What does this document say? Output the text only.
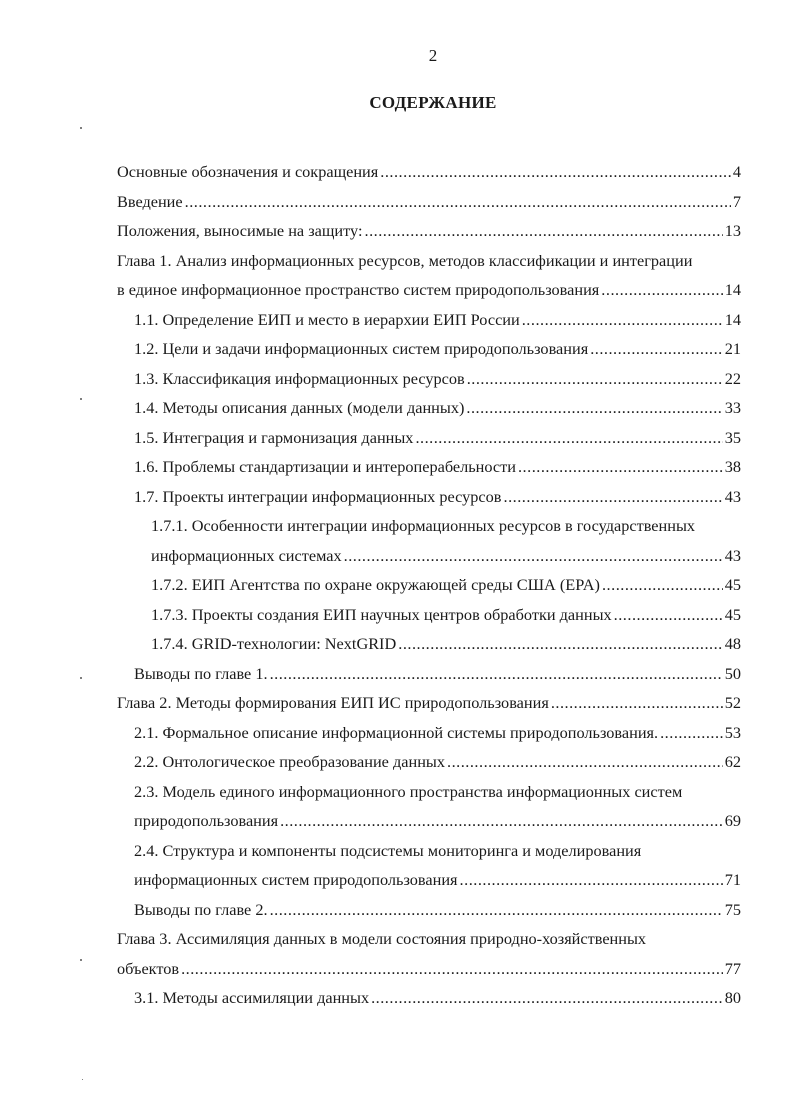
2
СОДЕРЖАНИЕ
Основные обозначения и сокращения .....	4
Введение .....	7
Положения, выносимые на защиту: .....	13
Глава 1. Анализ информационных ресурсов, методов классификации и интеграции
в единое информационное пространство систем природопользования .....	14
1.1. Определение ЕИП и место в иерархии ЕИП России .....	14
1.2. Цели и задачи информационных систем природопользования .....	21
1.3. Классификация информационных ресурсов .....	22
1.4. Методы описания данных (модели данных) .....	33
1.5. Интеграция и гармонизация данных .....	35
1.6. Проблемы стандартизации и интероперабельности .....	38
1.7. Проекты интеграции информационных ресурсов .....	43
1.7.1. Особенности интеграции информационных ресурсов в государственных
информационных системах .....	43
1.7.2. ЕИП Агентства по охране окружающей среды США (EPA) .....	45
1.7.3. Проекты создания ЕИП научных центров обработки данных .....	45
1.7.4. GRID-технологии: NextGRID .....	48
Выводы по главе 1. .....	50
Глава 2. Методы формирования ЕИП ИС природопользования .....	52
2.1. Формальное описание информационной системы природопользования. .....	53
2.2. Онтологическое преобразование данных .....	62
2.3. Модель единого информационного пространства информационных систем
природопользования .....	69
2.4. Структура и компоненты подсистемы мониторинга и моделирования
информационных систем природопользования .....	71
Выводы по главе 2. .....	75
Глава 3. Ассимиляция данных в модели состояния природно-хозяйственных
объектов .....	77
3.1. Методы ассимиляции данных .....	80
